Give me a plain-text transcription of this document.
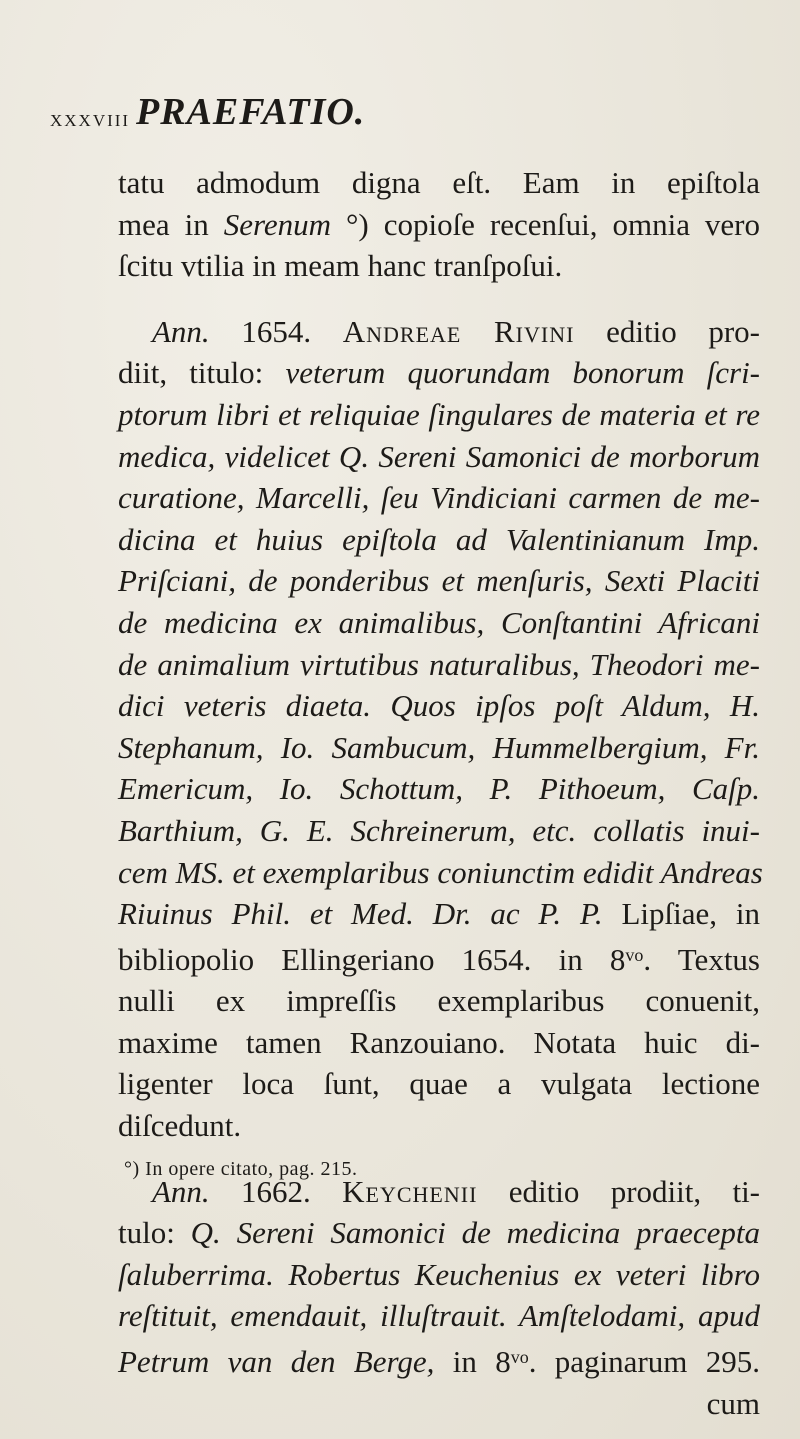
xxxviii PRAEFATIO.
tatu admodum digna eſt. Eam in epiſtola
mea in Serenum °) copioſe recenſui, omnia vero
ſcitu vtilia in meam hanc tranſpoſui.
Ann. 1654. Andreae Rivini editio pro-
diit, titulo: veterum quorundam bonorum ſcri-
ptorum libri et reliquiae ſingulares de materia et re
medica, videlicet Q. Sereni Samonici de morborum
curatione, Marcelli, ſeu Vindiciani carmen de me-
dicina et huius epiſtola ad Valentinianum Imp.
Priſciani, de ponderibus et menſuris, Sexti Placiti
de medicina ex animalibus, Conſtantini Africani
de animalium virtutibus naturalibus, Theodori me-
dici veteris diaeta. Quos ipſos poſt Aldum, H.
Stephanum, Io. Sambucum, Hummelbergium, Fr.
Emericum, Io. Schottum, P. Pithoeum, Caſp.
Barthium, G. E. Schreinerum, etc. collatis inui-
cem MS. et exemplaribus coniunctim edidit Andreas
Riuinus Phil. et Med. Dr. ac P. P. Lipſiae, in
bibliopolio Ellingeriano 1654. in $8^{vo}$. Textus
nulli ex impreſſis exemplaribus conuenit,
maxime tamen Ranzouiano. Notata huic di-
ligenter loca ſunt, quae a vulgata lectione
diſcedunt.
Ann. 1662. Keychenii editio prodiit, ti-
tulo: Q. Sereni Samonici de medicina praecepta
ſaluberrima. Robertus Keuchenius ex veteri libro
reſtituit, emendauit, illuſtrauit. Amſtelodami, apud
Petrum van den Berge, in $8^{vo}$. paginarum 295.
cum
°) In opere citato, pag. 215.
